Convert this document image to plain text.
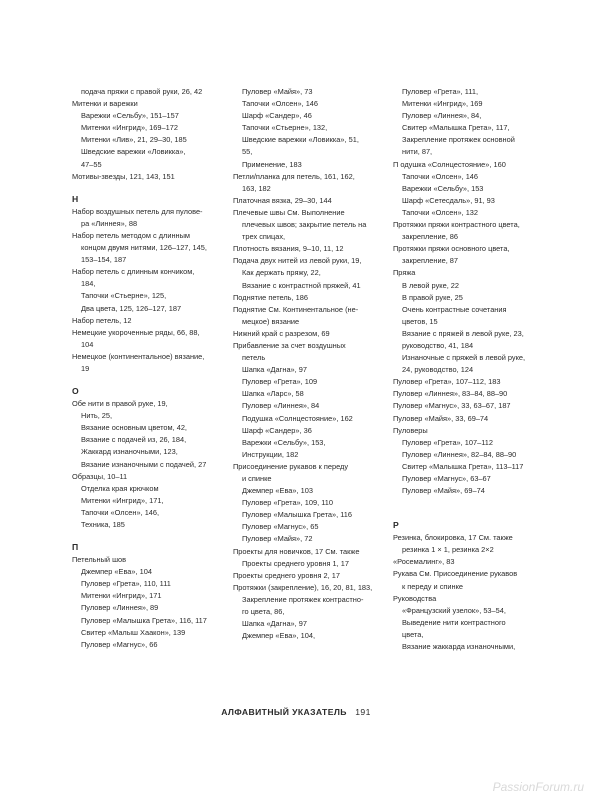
подача пряжи с правой руки, 26, 42
Митенки и варежки
Варежки «Сельбу», 151–157
Митенки «Ингрид», 169–172
Митенки «Лив», 21, 29–30, 185
Шведские варежки «Ловикка»,
47–55
Мотивы-звезды, 121, 143, 151
Н
Набор воздушных петель для пулове-
ра «Линнея», 88
Набор петель методом с длинным
концом двумя нитями, 126–127, 145,
153–154, 187
Набор петель с длинным кончиком,
184,
Тапочки «Стьерне», 125,
Два цвета, 125, 126–127, 187
Набор петель, 12
Немецкие укороченные ряды, 66, 88,
104
Немецкое (континентальное) вязание,
19
О
Обе нити в правой руке, 19,
Нить, 25,
Вязание основным цветом, 42,
Вязание с подачей из, 26, 184,
Жаккард изнаночными, 123,
Вязание изнаночными с подачей, 27
Образцы, 10–11
Отделка края крючком
Митенки «Ингрид», 171,
Тапочки «Олсен», 146,
Техника, 185
П
Петельный шов
Джемпер «Ева», 104
Пуловер «Грета», 110, 111
Митенки «Ингрид», 171
Пуловер «Линнея», 89
Пуловер «Малышка Грета», 116, 117
Свитер «Малыш Хаакон», 139
Пуловер «Магнус», 66
Пуловер «Майя», 73
Тапочки «Олсен», 146
Шарф «Сандер», 46
Тапочки «Стьерне», 132,
Шведские варежки «Ловикка», 51,
55,
Применение, 183
Петли/планка для петель, 161, 162,
163, 182
Платочная вязка, 29–30, 144
Плечевые швы См. Выполнение
плечевых швов; закрытие петель на
трех спицах,
Плотность вязания, 9–10, 11, 12
Подача двух нитей из левой руки, 19,
Как держать пряжу, 22,
Вязание с контрастной пряжей, 41
Поднятие петель, 186
Поднятие См. Континентальное (не-
мецкое) вязание
Нижний край с разрезом, 69
Прибавление за счет воздушных
петель
Шапка «Дагна», 97
Пуловер «Грета», 109
Шапка «Ларс», 58
Пуловер «Линнея», 84
Подушка «Солнцестояние», 162
Шарф «Сандер», 36
Варежки «Сельбу», 153,
Инструкции, 182
Присоединение рукавов к переду
и спинке
Джемпер «Ева», 103
Пуловер «Грета», 109, 110
Пуловер «Малышка Грета», 116
Пуловер «Магнус», 65
Пуловер «Майя», 72
Проекты для новичков, 17 См. также
Проекты среднего уровня 1, 17
Проекты среднего уровня 2, 17
Протяжки (закрепление), 16, 20, 81, 183,
Закрепление протяжек контрастно-
го цвета, 86,
Шапка «Дагна», 97
Джемпер «Ева», 104,
Пуловер «Грета», 111,
Митенки «Ингрид», 169
Пуловер «Линнея», 84,
Свитер «Малышка Грета», 117,
Закрепление протяжек основной
нити, 87,
П одушка «Солнцестояние», 160
Тапочки «Олсен», 146
Варежки «Сельбу», 153
Шарф «Сетесдаль», 91, 93
Тапочки «Олсен», 132
Протяжки пряжи контрастного цвета,
закрепление, 86
Протяжки пряжи основного цвета,
закрепление, 87
Пряжа
В левой руке, 22
В правой руке, 25
Очень контрастные сочетания
цветов, 15
Вязание с пряжей в левой руке, 23,
руководство, 41, 184
Изнаночные с пряжей в левой руке,
24, руководство, 124
Пуловер «Грета», 107–112, 183
Пуловер «Линнея», 83–84, 88–90
Пуловер «Магнус», 33, 63–67, 187
Пуловер «Майя», 33, 69–74
Пуловеры
Пуловер «Грета», 107–112
Пуловер «Линнея», 82–84, 88–90
Свитер «Малышка Грета», 113–117
Пуловер «Магнус», 63–67
Пуловер «Майя», 69–74
Р
Резинка, блокировка, 17 См. также
резинка 1 × 1, резинка 2×2
«Росемалинг», 83
Рукава См. Присоединение рукавов
к переду и спинке
Руководства
«Французский узелок», 53–54,
Выведение нити контрастного
цвета,
Вязание жаккарда изнаночными,
АЛФАВИТНЫЙ УКАЗАТЕЛЬ 191
PassionForum.ru
